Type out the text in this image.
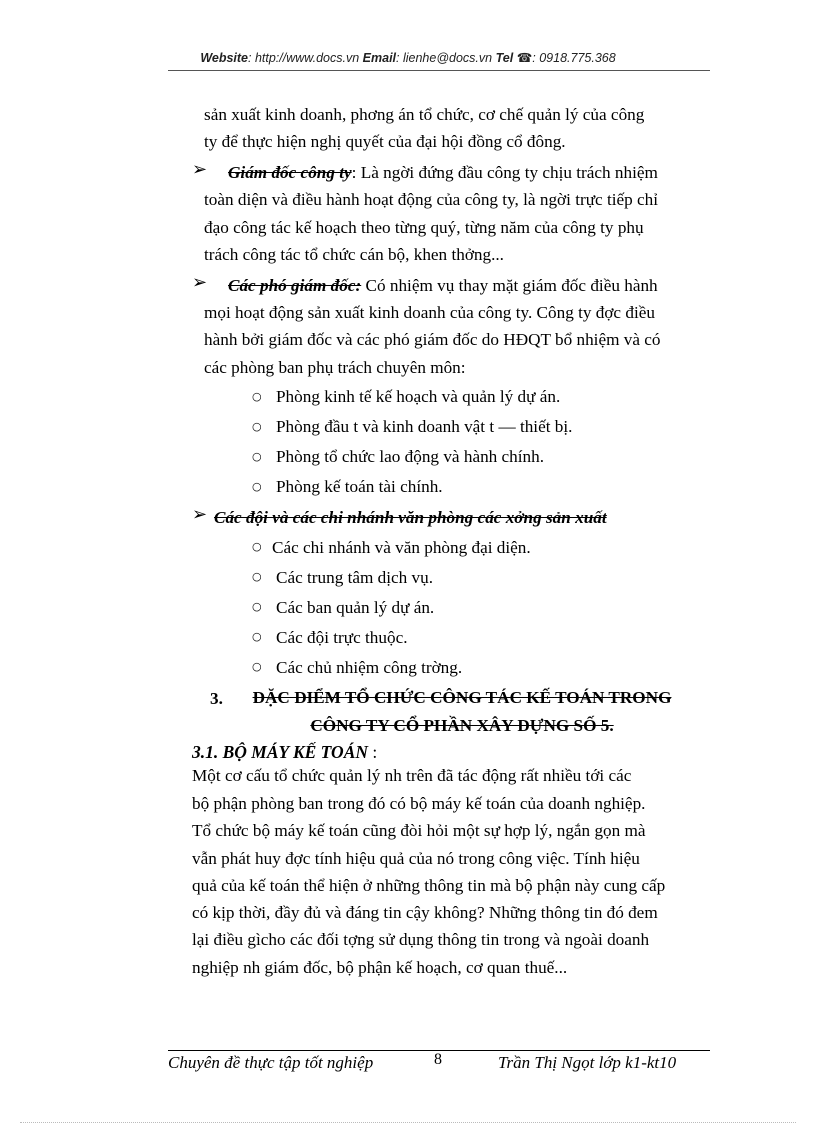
Website: http://www.docs.vn Email: lienhe@docs.vn Tel ☎: 0918.775.368
sản xuất kinh doanh, phơng án tổ chức, cơ chế quản lý của công
ty để thực hiện nghị quyết của đại hội đồng cổ đông.
➢ Giám đốc công ty: Là ngời đứng đầu công ty chịu trách nhiệm
toàn diện và điều hành hoạt động của công ty, là ngời trực tiếp chỉ
đạo công tác kế hoạch theo từng quý, từng năm của công ty phụ
trách công tác tổ chức cán bộ, khen thởng...
➢ Các phó giám đốc: Có nhiệm vụ thay mặt giám đốc điều hành
mọi hoạt động sản xuất kinh doanh của công ty. Công ty đợc điều
hành bởi giám đốc và các phó giám đốc do HĐQT bổ nhiệm và có
các phòng ban phụ trách chuyên môn:
○ Phòng kinh tế kế hoạch và quản lý dự án.
○ Phòng đầu t và kinh doanh vật t — thiết bị.
○ Phòng tổ chức lao động và hành chính.
○ Phòng kế toán tài chính.
➢ Các đội và các chi nhánh văn phòng các xởng sản xuất
○ Các chi nhánh và văn phòng đại diện.
○ Các trung tâm dịch vụ.
○ Các ban quản lý dự án.
○ Các đội trực thuộc.
○ Các chủ nhiệm công trờng.
3.	ĐẶC ĐIỂM TỔ CHỨC CÔNG TÁC KẾ TOÁN TRONG
CÔNG TY CỔ PHẦN XÂY DỰNG SỐ 5.
3.1. BỘ MÁY KẾ TOÁN :
Một cơ cấu tổ chức quản lý nh trên đã tác động rất nhiều tới các
bộ phận phòng ban trong đó có bộ máy kế toán của doanh nghiệp.
Tổ chức bộ máy kế toán cũng đòi hỏi một sự hợp lý, ngắn gọn mà
vẫn phát huy đợc tính hiệu quả của nó trong công việc. Tính hiệu
quả của kế toán thể hiện ở những thông tin mà bộ phận này cung cấp
có kịp thời, đầy đủ và đáng tin cậy không? Những thông tin đó đem
lại điều gìcho các đối tợng sử dụng thông tin trong và ngoài doanh
nghiệp nh giám đốc, bộ phận kế hoạch, cơ quan thuế...
Chuyên đề thực tập tốt nghiệp	8	Trần Thị Ngọt lớp k1-kt10
